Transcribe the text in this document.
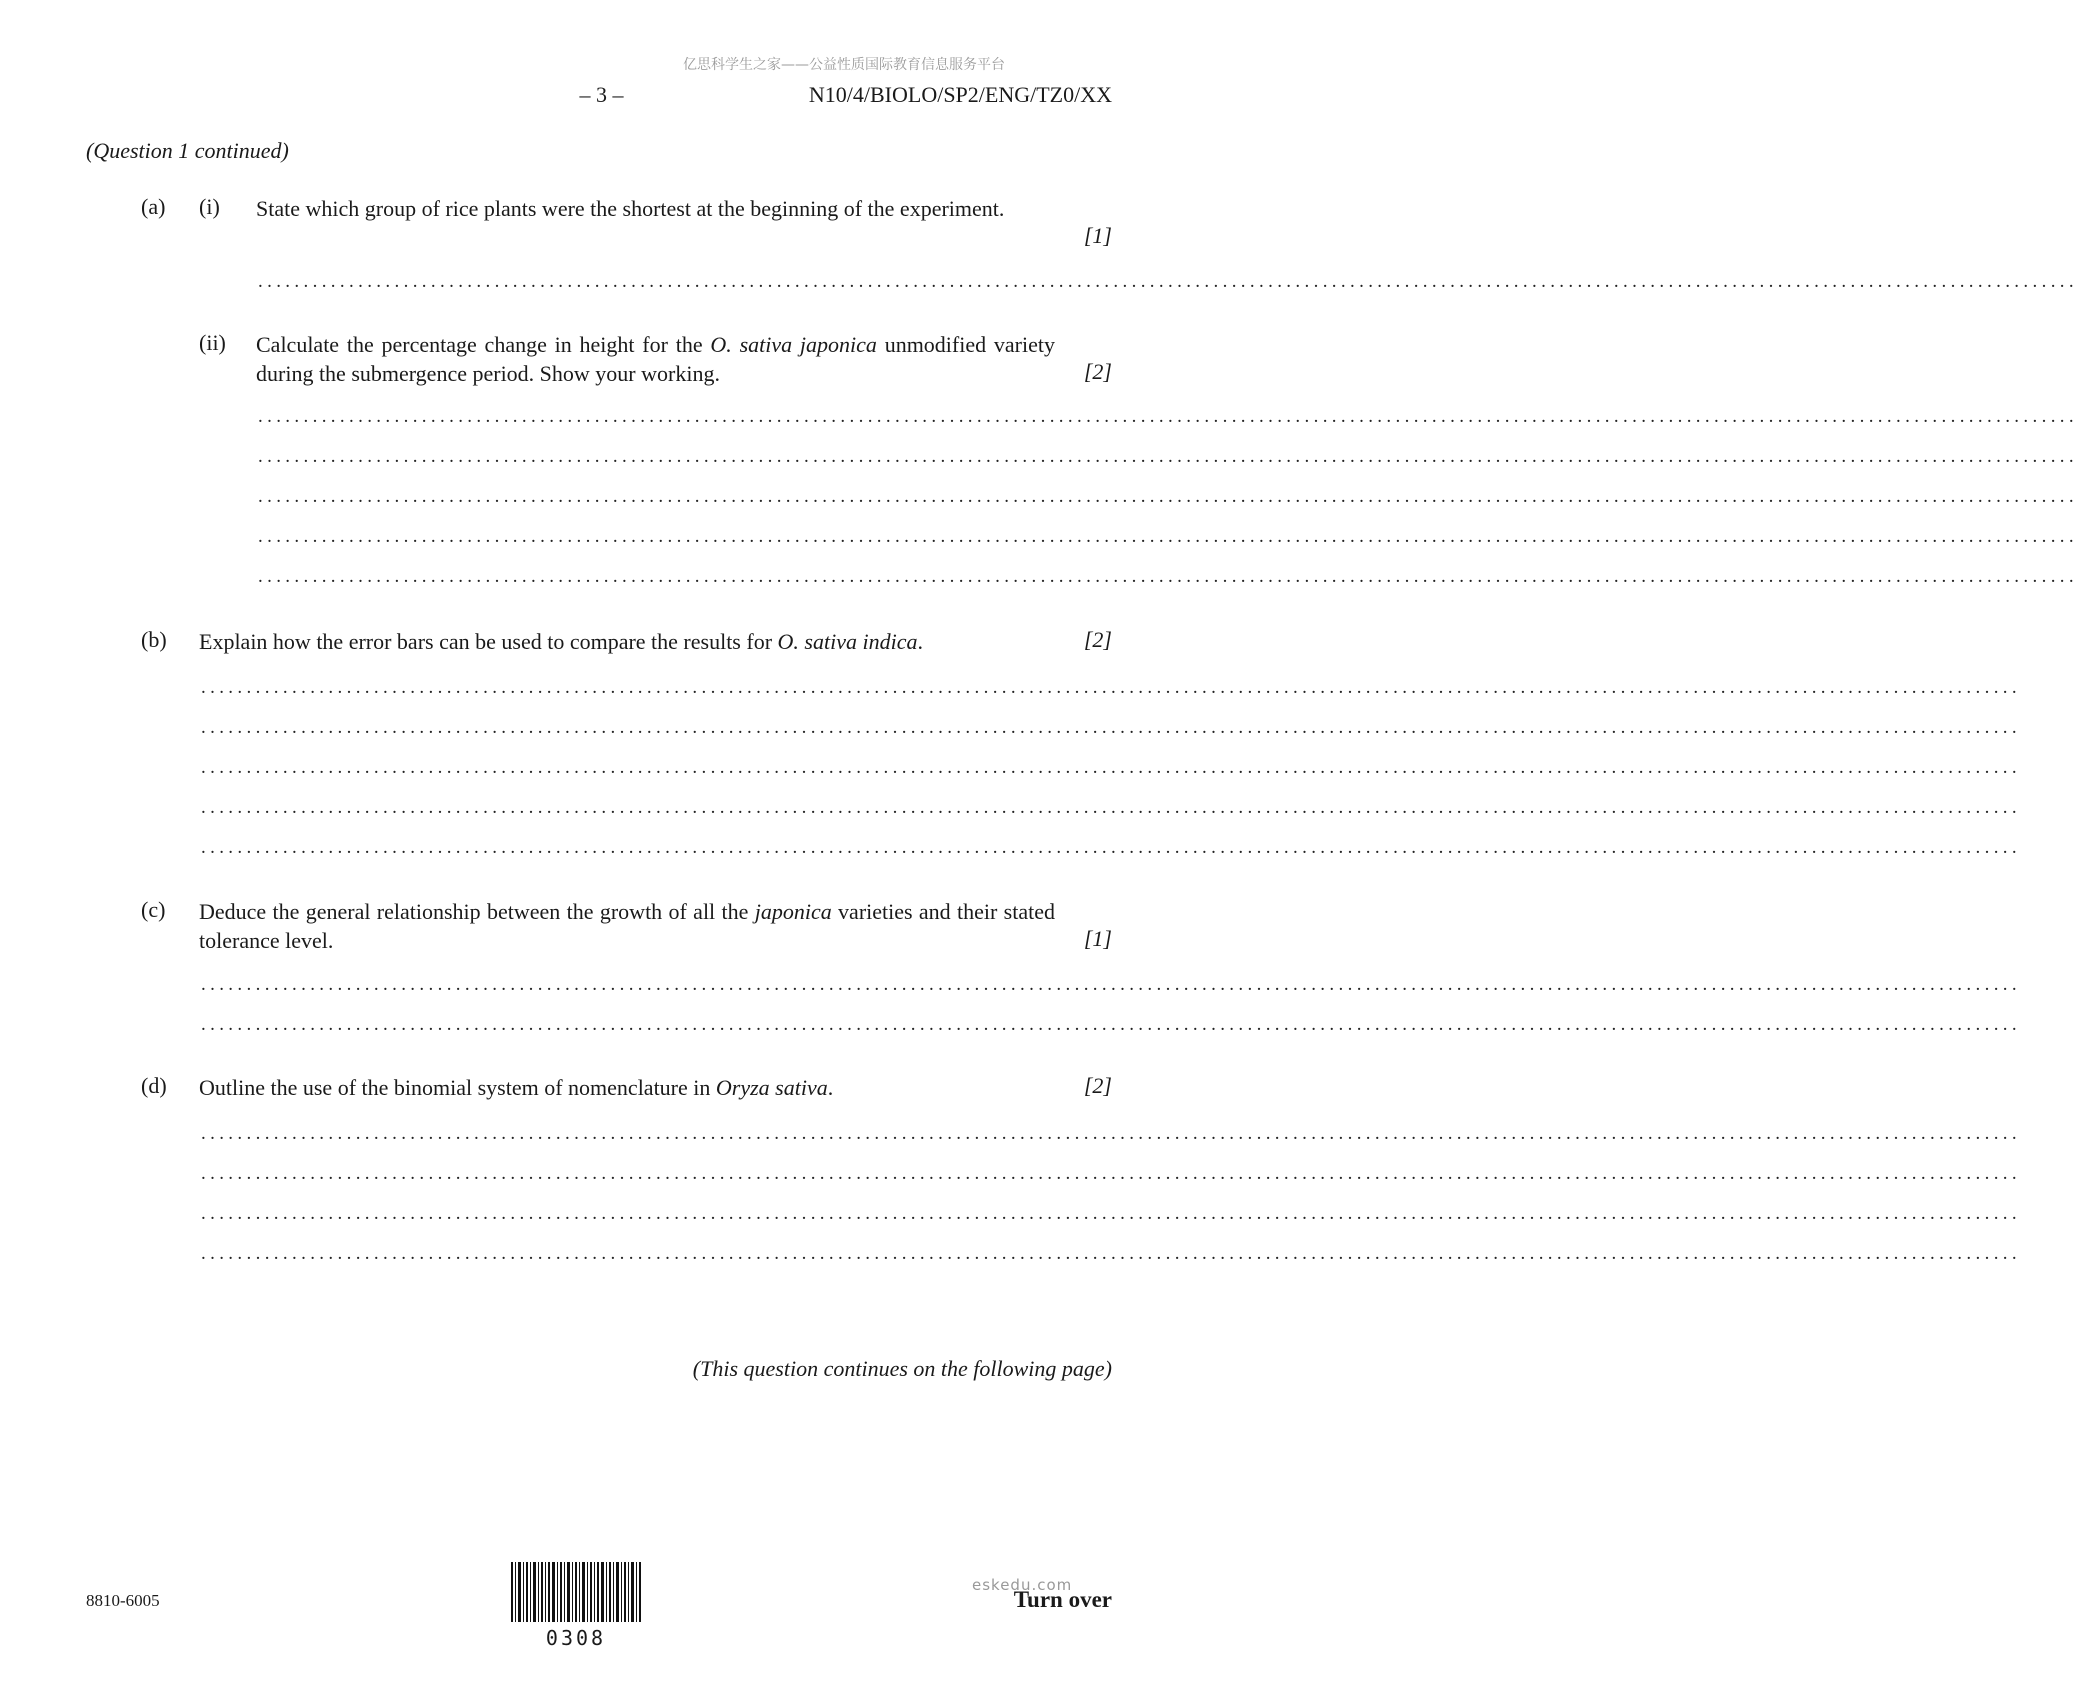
亿思科学生之家——公益性质国际教育信息服务平台
– 3 –	N10/4/BIOLO/SP2/ENG/TZ0/XX
(Question 1 continued)
(a) (i) State which group of rice plants were the shortest at the beginning of the experiment.
[1]
........................................................................................................................................................................................................
(ii) Calculate the percentage change in height for the O. sativa japonica unmodified variety during the submergence period. Show your working.	[2]
........................................................................................................................................................................................................
........................................................................................................................................................................................................
........................................................................................................................................................................................................
........................................................................................................................................................................................................
........................................................................................................................................................................................................
(b) Explain how the error bars can be used to compare the results for O. sativa indica.	[2]
........................................................................................................................................................................................................
........................................................................................................................................................................................................
........................................................................................................................................................................................................
........................................................................................................................................................................................................
........................................................................................................................................................................................................
(c) Deduce the general relationship between the growth of all the japonica varieties and their stated tolerance level.	[1]
........................................................................................................................................................................................................
........................................................................................................................................................................................................
(d) Outline the use of the binomial system of nomenclature in Oryza sativa.	[2]
........................................................................................................................................................................................................
........................................................................................................................................................................................................
........................................................................................................................................................................................................
........................................................................................................................................................................................................
(This question continues on the following page)
8810-6005
0308
eskedu.com
Turn over
